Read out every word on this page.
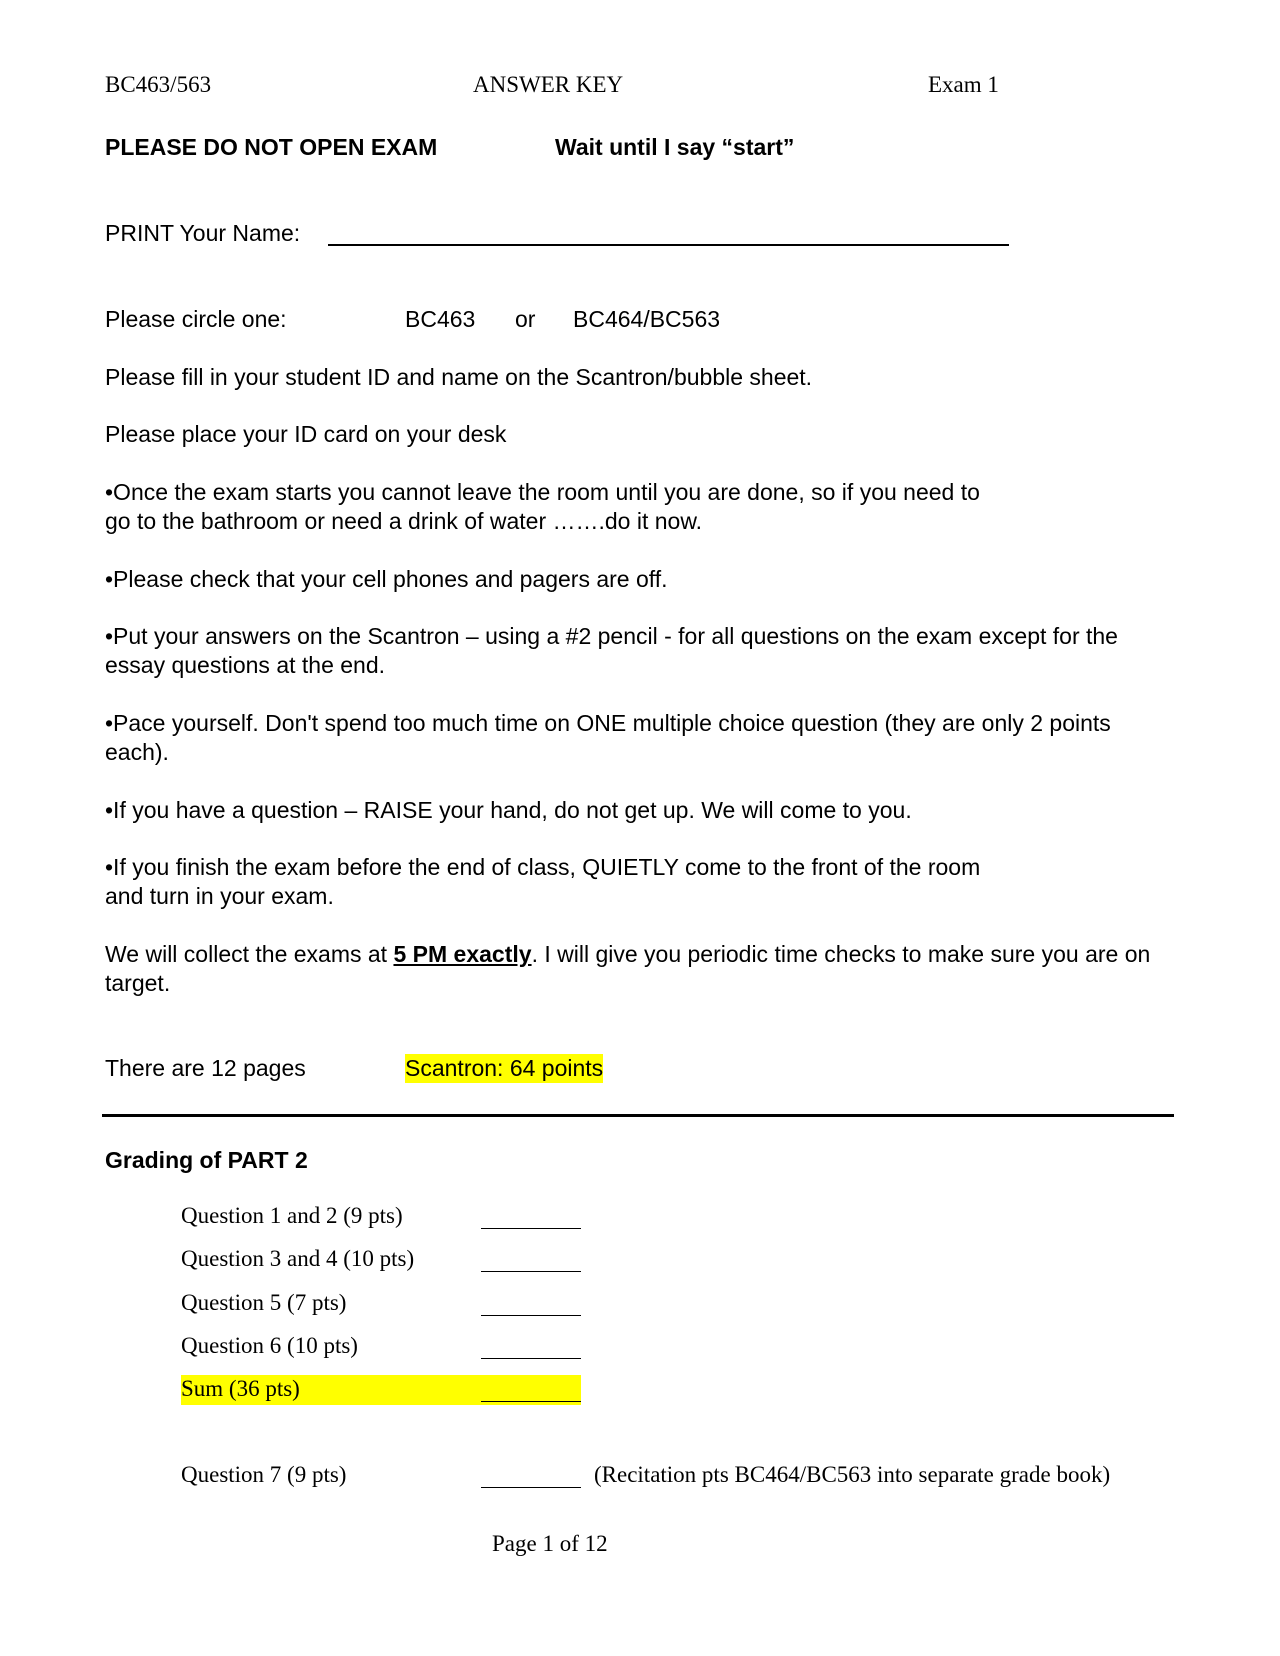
BC463/563	ANSWER KEY	Exam 1
PLEASE DO NOT OPEN EXAM	Wait until I say “start”
PRINT Your Name:
Please circle one:	BC463 or BC464/BC563
Please fill in your student ID and name on the Scantron/bubble sheet.
Please place your ID card on your desk
•Once the exam starts you cannot leave the room until you are done, so if you need to go to the bathroom or need a drink of water …….do it now.
•Please check that your cell phones and pagers are off.
•Put your answers on the Scantron – using a #2 pencil - for all questions on the exam except for the essay questions at the end.
•Pace yourself. Don't spend too much time on ONE multiple choice question (they are only 2 points each).
•If you have a question – RAISE your hand, do not get up. We will come to you.
•If you finish the exam before the end of class, QUIETLY come to the front of the room and turn in your exam.
We will collect the exams at 5 PM exactly. I will give you periodic time checks to make sure you are on target.
There are 12 pages	Scantron: 64 points
Grading of PART 2
Question 1 and 2 (9 pts)
Question 3 and 4 (10 pts)
Question 5 (7 pts)
Question 6 (10 pts)
Sum (36 pts)
Question 7 (9 pts)	(Recitation pts BC464/BC563 into separate grade book)
Page 1 of 12
